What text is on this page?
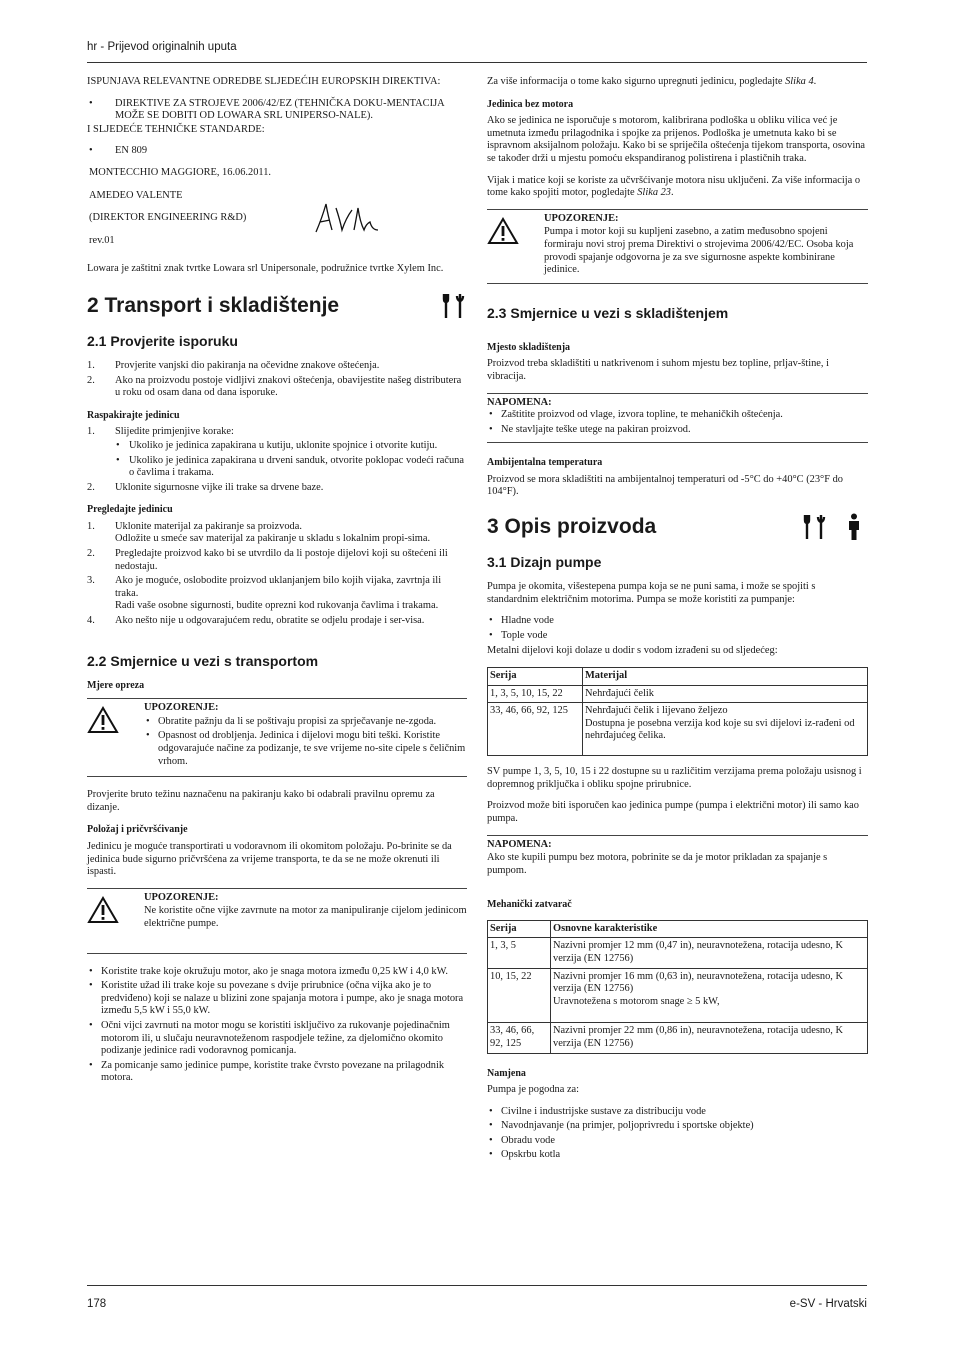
hr - Prijevod originalnih uputa

ISPUNJAVA RELEVANTNE ODREDBE SLJEDEĆIH EUROPSKIH DIREKTIVA:

• DIREKTIVE ZA STROJEVE 2006/42/EZ (TEHNIČKA DOKU-MENTACIJA MOŽE SE DOBITI OD LOWARA SRL UNIPERSO-NALE).

I SLJEDEĆE TEHNIČKE STANDARDE:

• EN 809

MONTECCHIO MAGGIORE, 16.06.2011.

AMEDEO VALENTE

(DIREKTOR ENGINEERING R&D)

rev.01

Lowara je zaštitni znak tvrtke Lowara srl Unipersonale, podružnice tvrtke Xylem Inc.

2 Transport i skladištenje
2.1 Provjerite isporuku
1. Provjerite vanjski dio pakiranja na očevidne znakove oštećenja.
2. Ako na proizvodu postoje vidljivi znakovi oštećenja, obavijestite našeg distributera u roku od osam dana od dana isporuke.
Raspakirajte jedinicu
1. Slijedite primjenjive korake:
• Ukoliko je jedinica zapakirana u kutiju, uklonite spojnice i otvorite kutiju.
• Ukoliko je jedinica zapakirana u drveni sanduk, otvorite poklopac vodeći računa o čavlima i trakama.
2. Uklonite sigurnosne vijke ili trake sa drvene baze.
Pregledajte jedinicu
1. Uklonite materijal za pakiranje sa proizvoda.
Odložite u smeće sav materijal za pakiranje u skladu s lokalnim propi-sima.
2. Pregledajte proizvod kako bi se utvrdilo da li postoje dijelovi koji su oštećeni ili nedostaju.
3. Ako je moguće, oslobodite proizvod uklanjanjem bilo kojih vijaka, zavrtnja ili traka.
Radi vaše osobne sigurnosti, budite oprezni kod rukovanja čavlima i trakama.
4. Ako nešto nije u odgovarajućem redu, obratite se odjelu prodaje i ser-visa.
2.2 Smjernice u vezi s transportom
Mjere opreza
UPOZORENJE:
• Obratite pažnju da li se poštivaju propisi za sprječavanje ne-zgoda.
• Opasnost od drobljenja. Jedinica i dijelovi mogu biti teški. Koristite odgovarajuće načine za podizanje, te svе vrijeme no-site cipele s čeličnim vrhom.

Provjerite bruto težinu naznačenu na pakiranju kako bi odabrali pravilnu opremu za dizanje.

Položaj i pričvršćivanje

Jedinicu je moguće transportirati u vodoravnom ili okomitom položaju. Po-brinite se da jedinica bude sigurno pričvršćena za vrijeme transporta, te da se ne može okrenuti ili ispasti.

UPOZORENJE:
Ne koristite očne vijke zavrnute na motor za manipuliranje cijelom jedinicom električne pumpe.
• Koristite trake koje okružuju motor, ako je snaga motora između 0,25 kW i 4,0 kW.
• Koristite užad ili trake koje su povezane s dvije prirubnice (očna vijka ako je to predviđeno) koji se nalaze u blizini zone spajanja motora i pumpe, ako je snaga motora između 5,5 kW i 55,0 kW.
• Očni vijci zavrnuti na motor mogu se koristiti isključivo za rukovanje pojedinačnim motorom ili, u slučaju neuravnoteženom raspodjele težine, za djelomično okomito podizanje jedinice radi vodoravnog pomicanja.
• Za pomicanje samo jedinice pumpe, koristite trake čvrsto povezane na prilagodnik motora.

Za više informacija o tome kako sigurno upregnuti jedinicu, pogledajte Slika 4.

Jedinica bez motora

Ako se jedinica ne isporučuje s motorom, kalibrirana podloška u obliku vilica već je umetnuta između prilagodnika i spojke za prijenos. Podloška je umetnuta kako bi se ispravnom aksijalnom položaju. Kako bi se spriječila oštećenja tijekom transporta, osovina se također drži u mjestu pomoću ekspandiranog polistirena i plastičnih traka.

Vijak i matice koji se koriste za učvršćivanje motora nisu uključeni. Za više informacija o tome kako spojiti motor, pogledajte Slika 23.

UPOZORENJE:
Pumpa i motor koji su kupljeni zasebno, a zatim međusobno spojeni formiraju novi stroj prema Direktivi o strojevima 2006/42/EC. Osoba koja provodi spajanje odgovorna je za sve sigurnosne aspekte kombinirane jedinice.
2.3 Smjernice u vezi s skladištenjem
Mjesto skladištenja

Proizvod treba skladištiti u natkrivenom i suhom mjestu bez topline, prljav-štine, i vibracija.

NAPOMENA:
• Zaštitite proizvod od vlage, izvora topline, te mehaničkih oštećenja.
• Ne stavljajte teške utege na pakiran proizvod.
Ambijentalna temperatura

Proizvod se mora skladištiti na ambijentalnoj temperaturi od -5°C do +40°C (23°F do 104°F).

3 Opis proizvoda
3.1 Dizajn pumpe

Pumpa je okomita, višestepena pumpa koja se ne puni sama, i može se spojiti s standardnim električnim motorima. Pumpa se može koristiti za pumpanje:

• Hladne vode
• Tople vode

Metalni dijelovi koji dolaze u dodir s vodom izrađeni su od sljedećeg:

Serija	Materijal
1, 3, 5, 10, 15, 22	Nehrđajući čelik
33, 46, 66, 92, 125	Nehrđajući čelik i lijevano željezo
Dostupna je posebna verzija kod koje su svi dijelovi iz-rađeni od nehrđajućeg čelika.

SV pumpe 1, 3, 5, 10, 15 i 22 dostupne su u različitim verzijama prema položaju usisnog i dopremnog priključka i obliku spojne prirubnice.

Proizvod može biti isporučen kao jedinica pumpe (pumpa i električni motor) ili samo kao pumpa.

NAPOMENA:
Ako ste kupili pumpu bez motora, pobrinite se da je motor prikladan za spajanje s pumpom.
Mehanički zatvarač
Serija	Osnovne karakteristike
1, 3, 5	Nazivni promjer 12 mm (0,47 in), neuravnotežena, rotacija udesno, K verzija (EN 12756)
10, 15, 22	Nazivni promjer 16 mm (0,63 in), neuravnotežena, rotacija udesno, K verzija (EN 12756)
Uravnotežena s motorom snage ≥ 5 kW,

33, 46, 66, 92, 125	Nazivni promjer 22 mm (0,86 in), neuravnotežena, rotacija udesno, K verzija (EN 12756)
Namjena

Pumpa je pogodna za:

• Civilne i industrijske sustave za distribuciju vode
• Navodnjavanje (na primjer, poljoprivredu i sportske objekte)
• Obradu vode
• Opskrbu kotla
178	e-SV - Hrvatski
